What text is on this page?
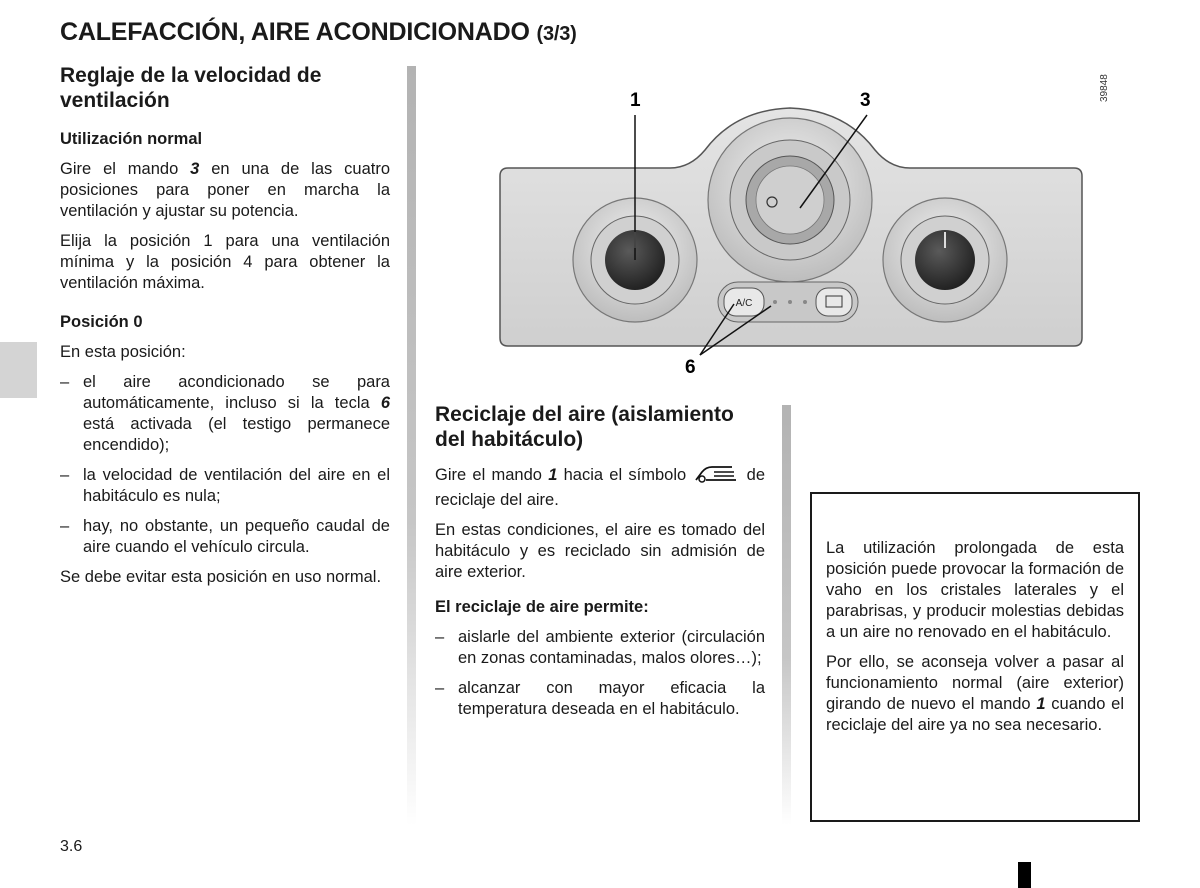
CALEFACCIÓN, AIRE ACONDICIONADO (3/3)
Reglaje de la velocidad de ventilación
Utilización normal

Gire el mando 3 en una de las cuatro posiciones para poner en marcha la ventilación y ajustar su potencia.

Elija la posición 1 para una ventilación mínima y la posición 4 para obtener la ventilación máxima.

Posición 0

En esta posición:

– el aire acondicionado se para automáticamente, incluso si la tecla 6 está activada (el testigo permanece encendido);
– la velocidad de ventilación del aire en el habitáculo es nula;
– hay, no obstante, un pequeño caudal de aire cuando el vehículo circula.

Se debe evitar esta posición en uso normal.

A/C
1	3
6
39848
Reciclaje del aire (aislamiento del habitáculo)

Gire el mando 1 hacia el símbolo	de reciclaje del aire.

En estas condiciones, el aire es tomado del habitáculo y es reciclado sin admisión de aire exterior.

El reciclaje de aire permite:
– aislarle del ambiente exterior (circulación en zonas contaminadas, malos olores…);
– alcanzar con mayor eficacia la temperatura deseada en el habitáculo.

La utilización prolongada de esta posición puede provocar la formación de vaho en los cristales laterales y el parabrisas, y producir molestias debidas a un aire no renovado en el habitáculo.

Por ello, se aconseja volver a pasar al funcionamiento normal (aire exterior) girando de nuevo el mando 1 cuando el reciclaje del aire ya no sea necesario.

3.6
